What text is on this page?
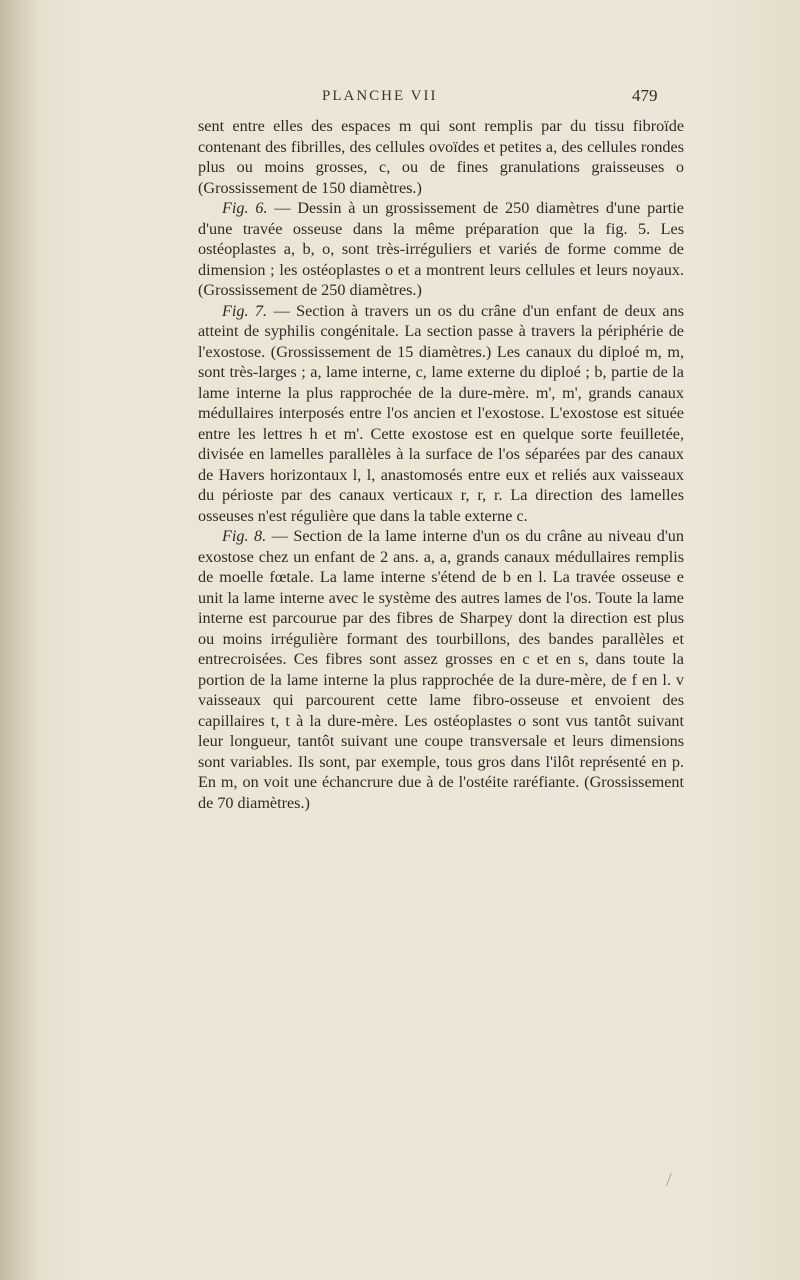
PLANCHE VII	479

sent entre elles des espaces m qui sont remplis par du tissu fibroïde contenant des fibrilles, des cellules ovoïdes et petites a, des cellules rondes plus ou moins grosses, c, ou de fines granulations graisseuses o (Grossissement de 150 diamètres.)

Fig. 6. — Dessin à un grossissement de 250 diamètres d'une partie d'une travée osseuse dans la même préparation que la fig. 5. Les ostéoplastes a, b, o, sont très-irréguliers et variés de forme comme de dimension ; les ostéoplastes o et a montrent leurs cellules et leurs noyaux. (Grossissement de 250 diamètres.)

Fig. 7. — Section à travers un os du crâne d'un enfant de deux ans atteint de syphilis congénitale. La section passe à travers la périphérie de l'exostose. (Grossissement de 15 diamètres.) Les canaux du diploé m, m, sont très-larges ; a, lame interne, c, lame externe du diploé ; b, partie de la lame interne la plus rapprochée de la dure-mère. m', m', grands canaux médullaires interposés entre l'os ancien et l'exostose. L'exostose est située entre les lettres h et m'. Cette exostose est en quelque sorte feuilletée, divisée en lamelles parallèles à la surface de l'os séparées par des canaux de Havers horizontaux l, l, anastomosés entre eux et reliés aux vaisseaux du périoste par des canaux verticaux r, r, r. La direction des lamelles osseuses n'est régulière que dans la table externe c.

Fig. 8. — Section de la lame interne d'un os du crâne au niveau d'un exostose chez un enfant de 2 ans. a, a, grands canaux médullaires remplis de moelle fœtale. La lame interne s'étend de b en l. La travée osseuse e unit la lame interne avec le système des autres lames de l'os. Toute la lame interne est parcourue par des fibres de Sharpey dont la direction est plus ou moins irrégulière formant des tourbillons, des bandes parallèles et entrecroisées. Ces fibres sont assez grosses en c et en s, dans toute la portion de la lame interne la plus rapprochée de la dure-mère, de f en l. v vaisseaux qui parcourent cette lame fibro-osseuse et envoient des capillaires t, t à la dure-mère. Les ostéoplastes o sont vus tantôt suivant leur longueur, tantôt suivant une coupe transversale et leurs dimensions sont variables. Ils sont, par exemple, tous gros dans l'ilôt représenté en p. En m, on voit une échancrure due à de l'ostéite raréfiante. (Grossissement de 70 diamètres.)
